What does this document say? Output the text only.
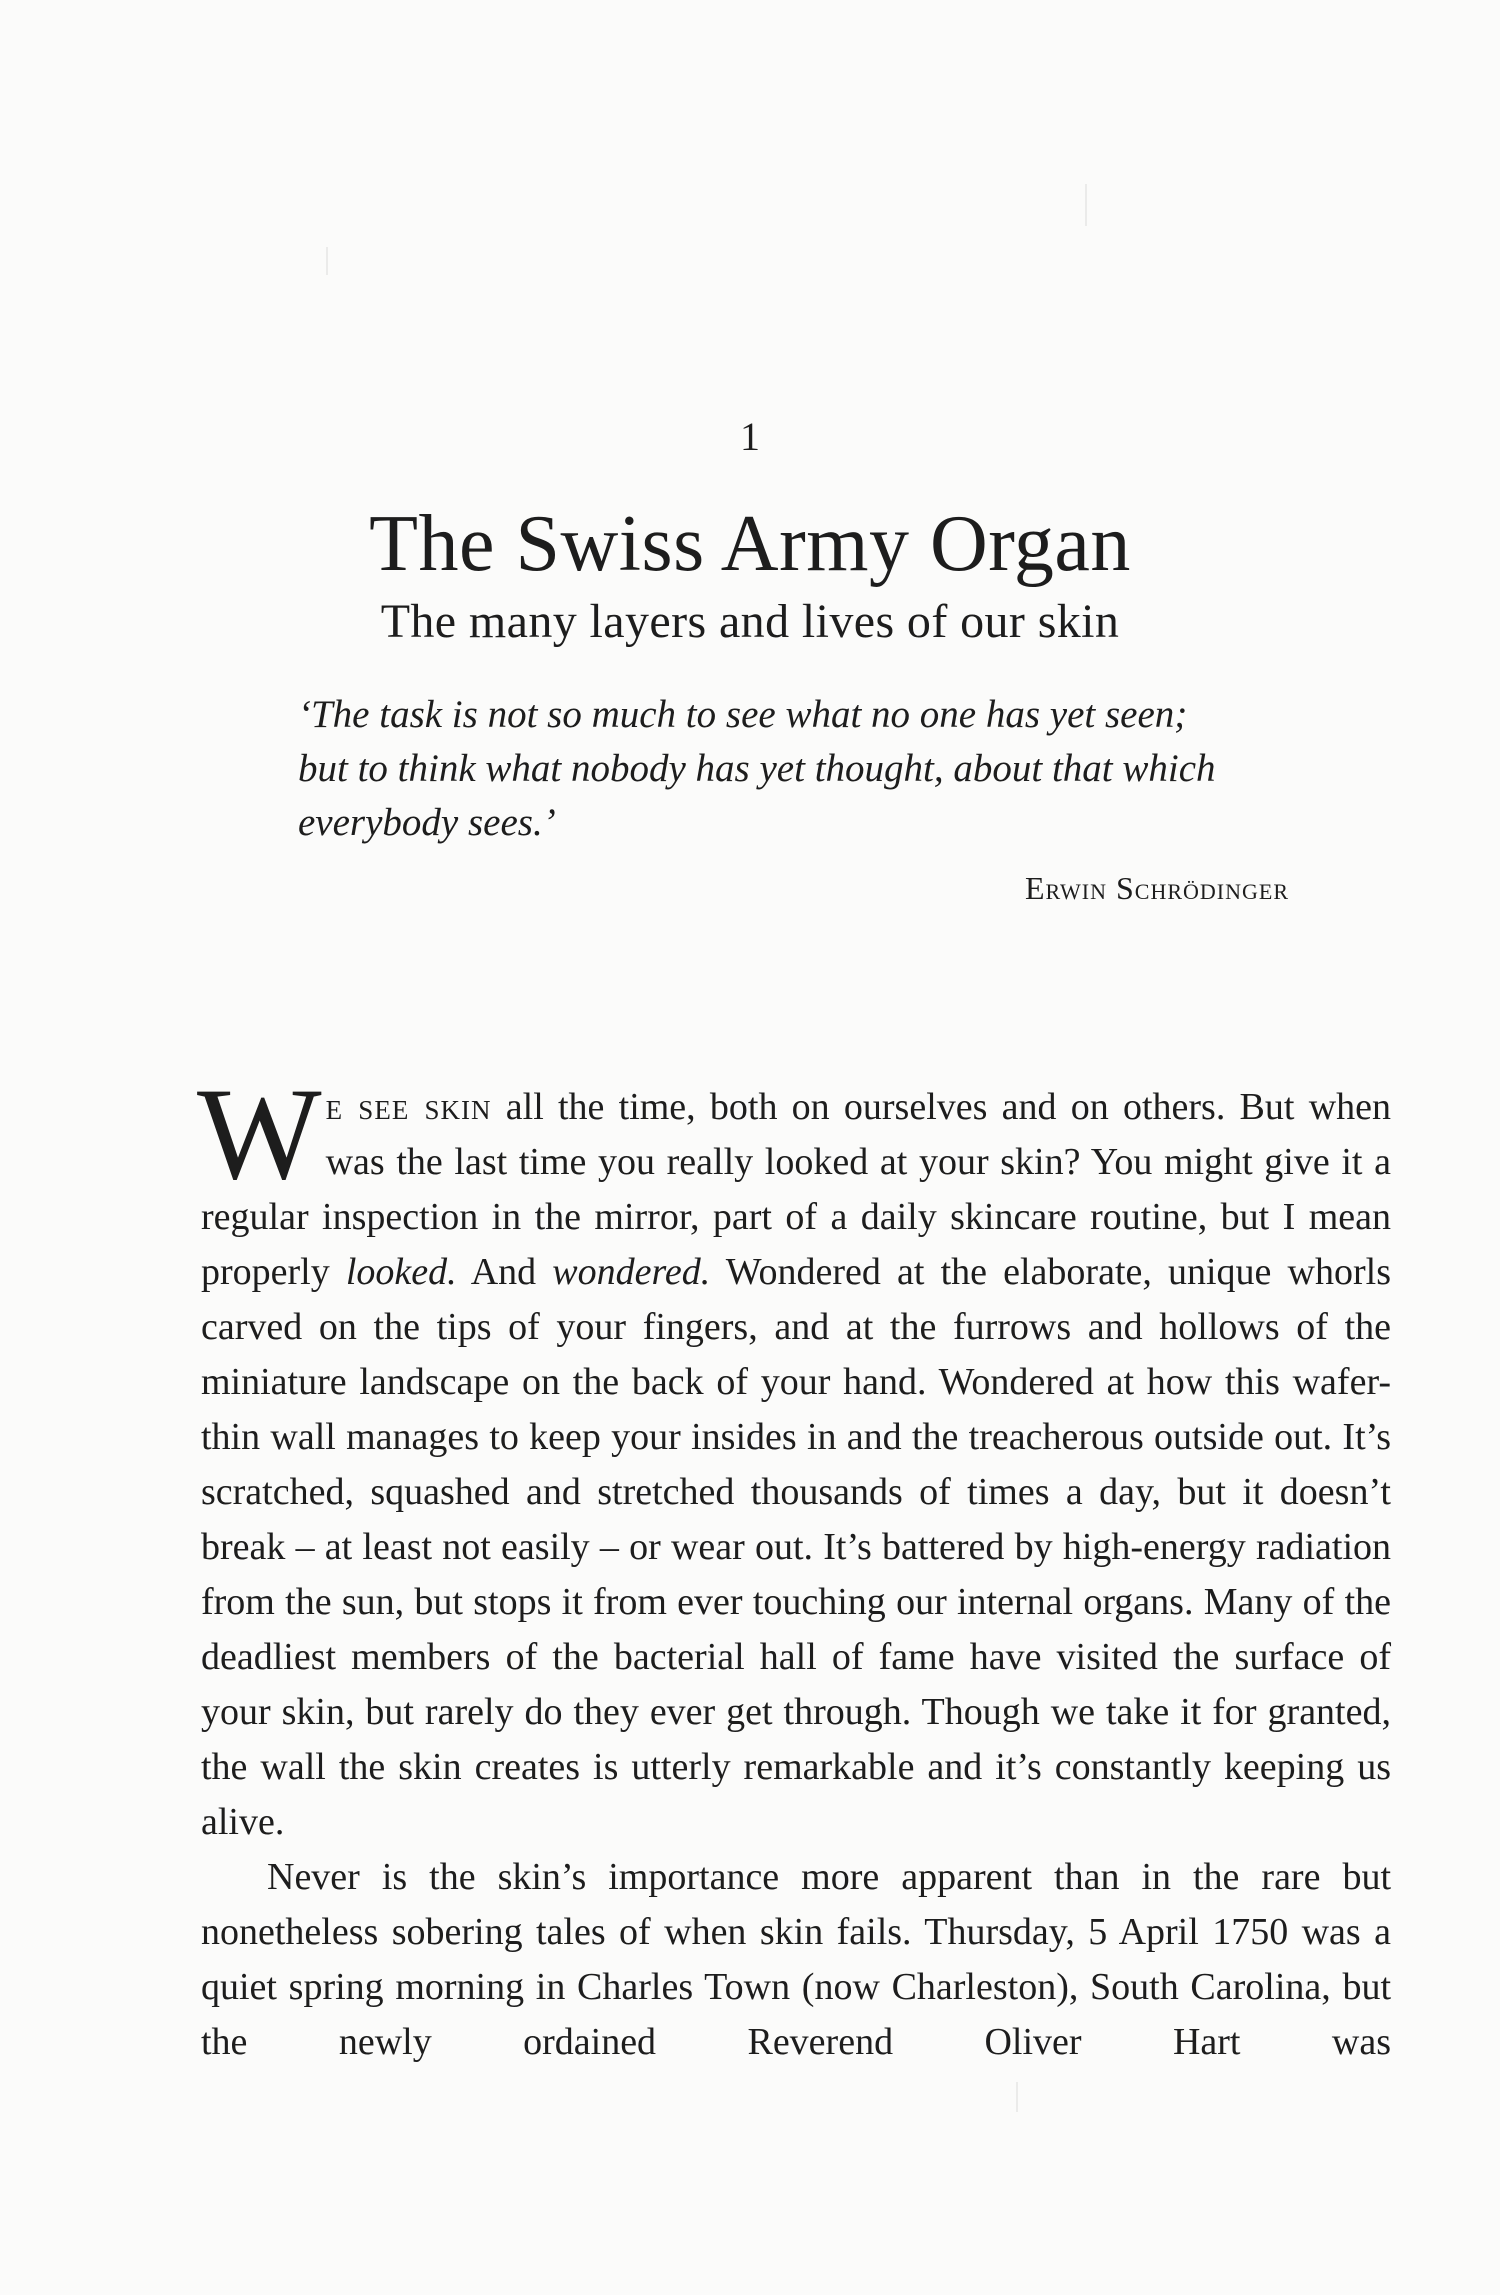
1
The Swiss Army Organ
The many layers and lives of our skin

‘The task is not so much to see what no one has yet seen; but to think what nobody has yet thought, about that which everybody sees.’

Erwin Schrödinger

We see skin all the time, both on ourselves and on others. But when was the last time you really looked at your skin? You might give it a regular inspection in the mirror, part of a daily skincare routine, but I mean properly looked. And wondered. Wondered at the elaborate, unique whorls carved on the tips of your fingers, and at the furrows and hollows of the miniature landscape on the back of your hand. Wondered at how this wafer-thin wall manages to keep your insides in and the treacherous outside out. It’s scratched, squashed and stretched thousands of times a day, but it doesn’t break – at least not easily – or wear out. It’s battered by high-energy radiation from the sun, but stops it from ever touching our internal organs. Many of the deadliest members of the bacterial hall of fame have visited the surface of your skin, but rarely do they ever get through. Though we take it for granted, the wall the skin creates is utterly remarkable and it’s constantly keeping us alive.

Never is the skin’s importance more apparent than in the rare but nonetheless sobering tales of when skin fails. Thursday, 5 April 1750 was a quiet spring morning in Charles Town (now Charleston), South Carolina, but the newly ordained Reverend Oliver Hart was
